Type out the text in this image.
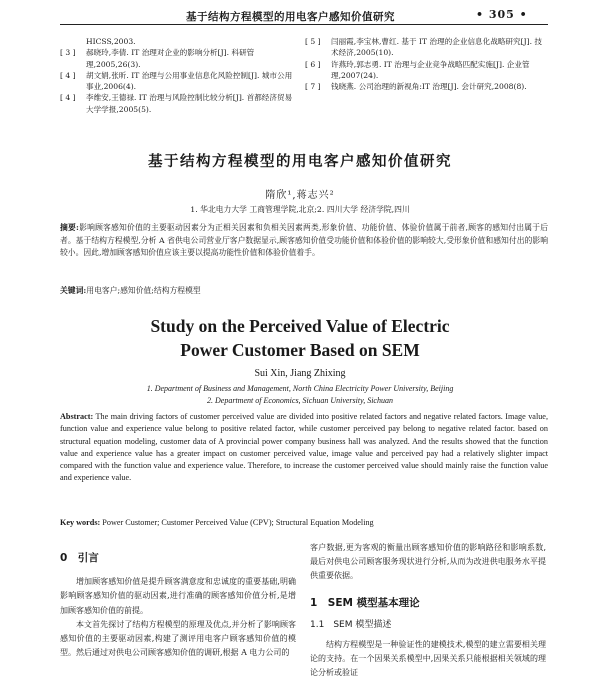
基于结构方程模型的用电客户感知价值研究	• 305 •
HICSS,2003.
[ 3 ]	郝晓玲,李倩. IT 治理对企业的影响分析[J]. 科研管理,2005,26(3).
[ 4 ]	胡文娟,张昕. IT 治理与公用事业信息化风险控制[J]. 城市公用事业,2006(4).
[ 4 ]	李维安,王德禄. IT 治理与风险控制比较分析[J]. 首都经济贸易大学学报,2005(5).
[ 5 ]	闫丽霞,李宝林,曹红. 基于 IT 治理的企业信息化战略研究[J]. 技术经济,2005(10).
[ 6 ]	许燕玲,郭志勇. IT 治理与企业竞争战略匹配实施[J]. 企业管理,2007(24).
[ 7 ]	钱晓燕. 公司治理的新视角:IT 治理[J]. 会计研究,2008(8).
基于结构方程模型的用电客户感知价值研究
隋欣¹,蒋志兴²
1. 华北电力大学 工商管理学院,北京;2. 四川大学 经济学院,四川
摘要:影响顾客感知价值的主要驱动因素分为正相关因素和负相关因素两类,形象价值、功能价值、体验价值属于前者,顾客的感知付出属于后者。基于结构方程模型,分析 A 省供电公司营业厅客户数据显示,顾客感知价值受功能价值和体验价值的影响较大,受形象价值和感知付出的影响较小。因此,增加顾客感知价值应该主要以提高功能性价值和体验价值着手。
关键词:用电客户;感知价值;结构方程模型
Study on the Perceived Value of Electric
Power Customer Based on SEM
Sui Xin, Jiang Zhixing
1. Department of Business and Management, North China Electricity Power University, Beijing
2. Department of Economics, Sichuan University, Sichuan
Abstract: The main driving factors of customer perceived value are divided into positive related factors and negative related factors. Image value, function value and experience value belong to positive related factor, while customer perceived pay belong to negative related factor. based on structural equation modeling, customer data of A provincial power company business hall was analyzed. And the results showed that the function value and experience value has a greater impact on customer perceived value, image value and perceived pay had a relatively slighter impact compared with the function value and experience value. Therefore, to increase the customer perceived value should mainly raise the function value and experience value.
Key words: Power Customer; Customer Perceived Value (CPV); Structural Equation Modeling
0　引言

增加顾客感知价值是提升顾客满意度和忠诚度的重要基础,明确影响顾客感知价值的驱动因素,进行准确的顾客感知价值分析,是增加顾客感知价值的前提。

本文首先探讨了结构方程模型的原理及优点,并分析了影响顾客感知价值的主要驱动因素,构建了测评用电客户顾客感知价值的模型。然后通过对供电公司顾客感知价值的调研,根据 A 电力公司的

客户数据,更为客观的衡量出顾客感知价值的影响路径和影响系数,最后对供电公司顾客服务现状进行分析,从而为改进供电服务水平提供重要依据。

1　SEM 模型基本理论
1.1　SEM 模型描述

结构方程模型是一种验证性的建模技术,模型的建立需要相关理论的支持。在一个因果关系模型中,因果关系只能根据相关领域的理论分析或验证
